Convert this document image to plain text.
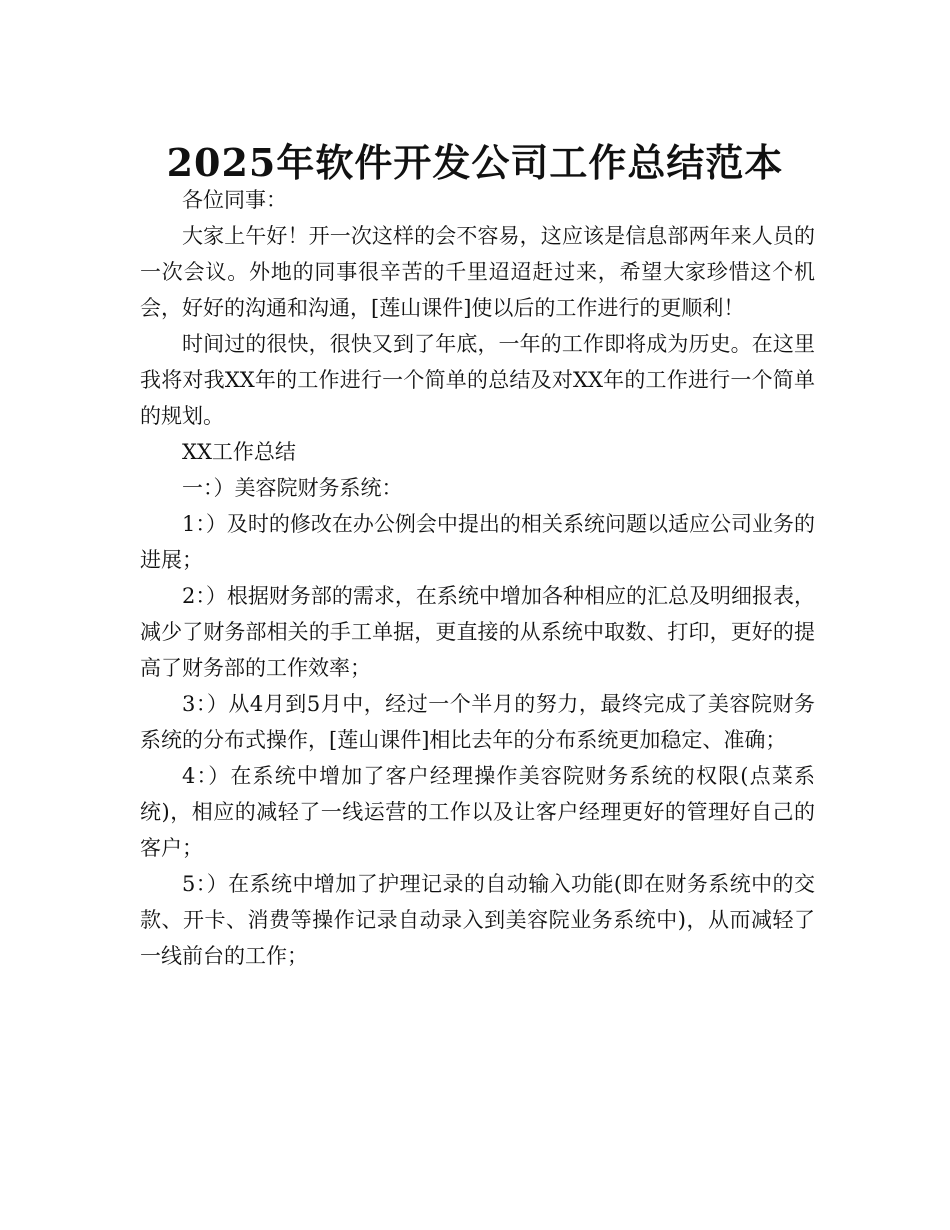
2025年软件开发公司工作总结范本

各位同事：

大家上午好！开一次这样的会不容易，这应该是信息部两年来人员的一次会议。外地的同事很辛苦的千里迢迢赶过来，希望大家珍惜这个机会，好好的沟通和沟通，[莲山课件]使以后的工作进行的更顺利！

时间过的很快，很快又到了年底，一年的工作即将成为历史。在这里我将对我XX年的工作进行一个简单的总结及对XX年的工作进行一个简单的规划。

XX工作总结

一：）美容院财务系统：

1：）及时的修改在办公例会中提出的相关系统问题以适应公司业务的进展；

2：）根据财务部的需求，在系统中增加各种相应的汇总及明细报表，减少了财务部相关的手工单据，更直接的从系统中取数、打印，更好的提高了财务部的工作效率；

3：）从4月到5月中，经过一个半月的努力，最终完成了美容院财务系统的分布式操作，[莲山课件]相比去年的分布系统更加稳定、准确；

4：）在系统中增加了客户经理操作美容院财务系统的权限(点菜系统)，相应的减轻了一线运营的工作以及让客户经理更好的管理好自己的客户；

5：）在系统中增加了护理记录的自动输入功能(即在财务系统中的交款、开卡、消费等操作记录自动录入到美容院业务系统中)，从而减轻了一线前台的工作；
